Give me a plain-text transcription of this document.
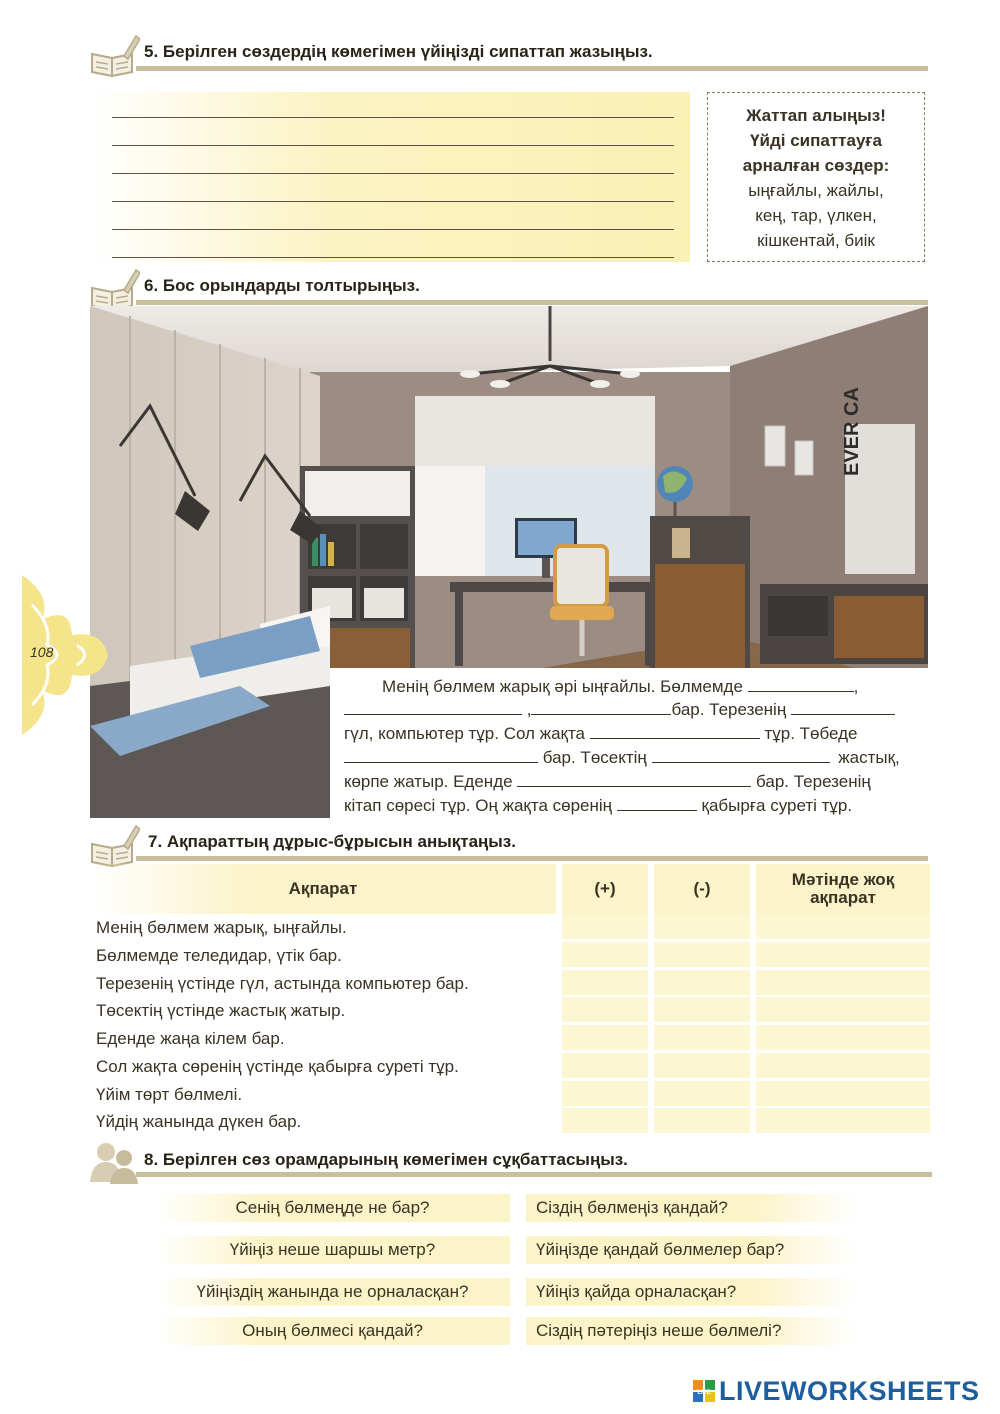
5. Берілген сөздердің көмегімен үйіңізді сипаттап жазыңыз.
Жаттап алыңыз!
Үйді сипаттауға
арналған сөздер:
ыңғайлы, жайлы,
кең, тар, үлкен,
кішкентай, биік
6. Бос орындарды толтырыңыз.
EVER CA
Менің бөлмем жарық әрі ыңғайлы. Бөлмемде	,
,	бар. Терезенің
гүл, компьютер тұр. Сол жақта	тұр. Төбеде
бар. Төсектің	жастық,
көрпе жатыр. Еденде	бар. Терезенің
кітап сөресі тұр. Оң жақта сөренің	қабырға суреті тұр.
7. Ақпараттың дұрыс-бұрысын анықтаңыз.
Ақпарат	(+)	(-)	Мәтінде жоқ
ақпарат
Менің бөлмем жарық, ыңғайлы.
Бөлмемде теледидар, үтік бар.
Терезенің үстінде гүл, астында компьютер бар.
Төсектің үстінде жастық жатыр.
Еденде жаңа кілем бар.
Сол жақта сөренің үстінде қабырға суреті тұр.
Үйім төрт бөлмелі.
Үйдің жанында дүкен бар.
8. Берілген сөз орамдарының көмегімен сұқбаттасыңыз.
Сенің бөлмеңде не бар?
Үйіңіз неше шаршы метр?
Үйіңіздің жанында не орналасқан?
Оның бөлмесі қандай?
Сіздің бөлмеңіз қандай?
Үйіңізде қандай бөлмелер бар?
Үйіңіз қайда орналасқан?
Сіздің пәтеріңіз неше бөлмелі?
108
LIVE LIVEWORKSHEETS
